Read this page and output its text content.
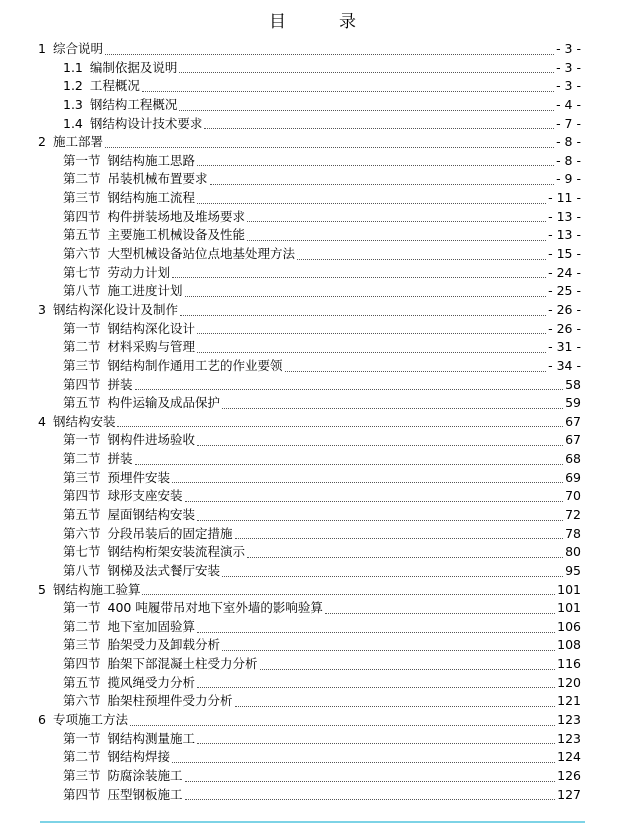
目　录
1 综合说明	- 3 -
1.1 编制依据及说明	- 3 -
1.2 工程概况	- 3 -
1.3 钢结构工程概况	- 4 -
1.4 钢结构设计技术要求	- 7 -
2 施工部署	- 8 -
第一节 钢结构施工思路	- 8 -
第二节 吊装机械布置要求	- 9 -
第三节 钢结构施工流程	- 11 -
第四节 构件拼装场地及堆场要求	- 13 -
第五节 主要施工机械设备及性能	- 13 -
第六节 大型机械设备站位点地基处理方法	- 15 -
第七节 劳动力计划	- 24 -
第八节 施工进度计划	- 25 -
3 钢结构深化设计及制作	- 26 -
第一节 钢结构深化设计	- 26 -
第二节 材料采购与管理	- 31 -
第三节 钢结构制作通用工艺的作业要领	- 34 -
第四节 拼装	58
第五节 构件运输及成品保护	59
4 钢结构安装	67
第一节 钢构件进场验收	67
第二节 拼装	68
第三节 预埋件安装	69
第四节 球形支座安装	70
第五节 屋面钢结构安装	72
第六节 分段吊装后的固定措施	78
第七节 钢结构桁架安装流程演示	80
第八节 钢梯及法式餐厅安装	95
5 钢结构施工验算	101
第一节 400 吨履带吊对地下室外墙的影响验算	101
第二节 地下室加固验算	106
第三节 胎架受力及卸载分析	108
第四节 胎架下部混凝土柱受力分析	116
第五节 揽风绳受力分析	120
第六节 胎架柱预埋件受力分析	121
6 专项施工方法	123
第一节 钢结构测量施工	123
第二节 钢结构焊接	124
第三节 防腐涂装施工	126
第四节 压型钢板施工	127
